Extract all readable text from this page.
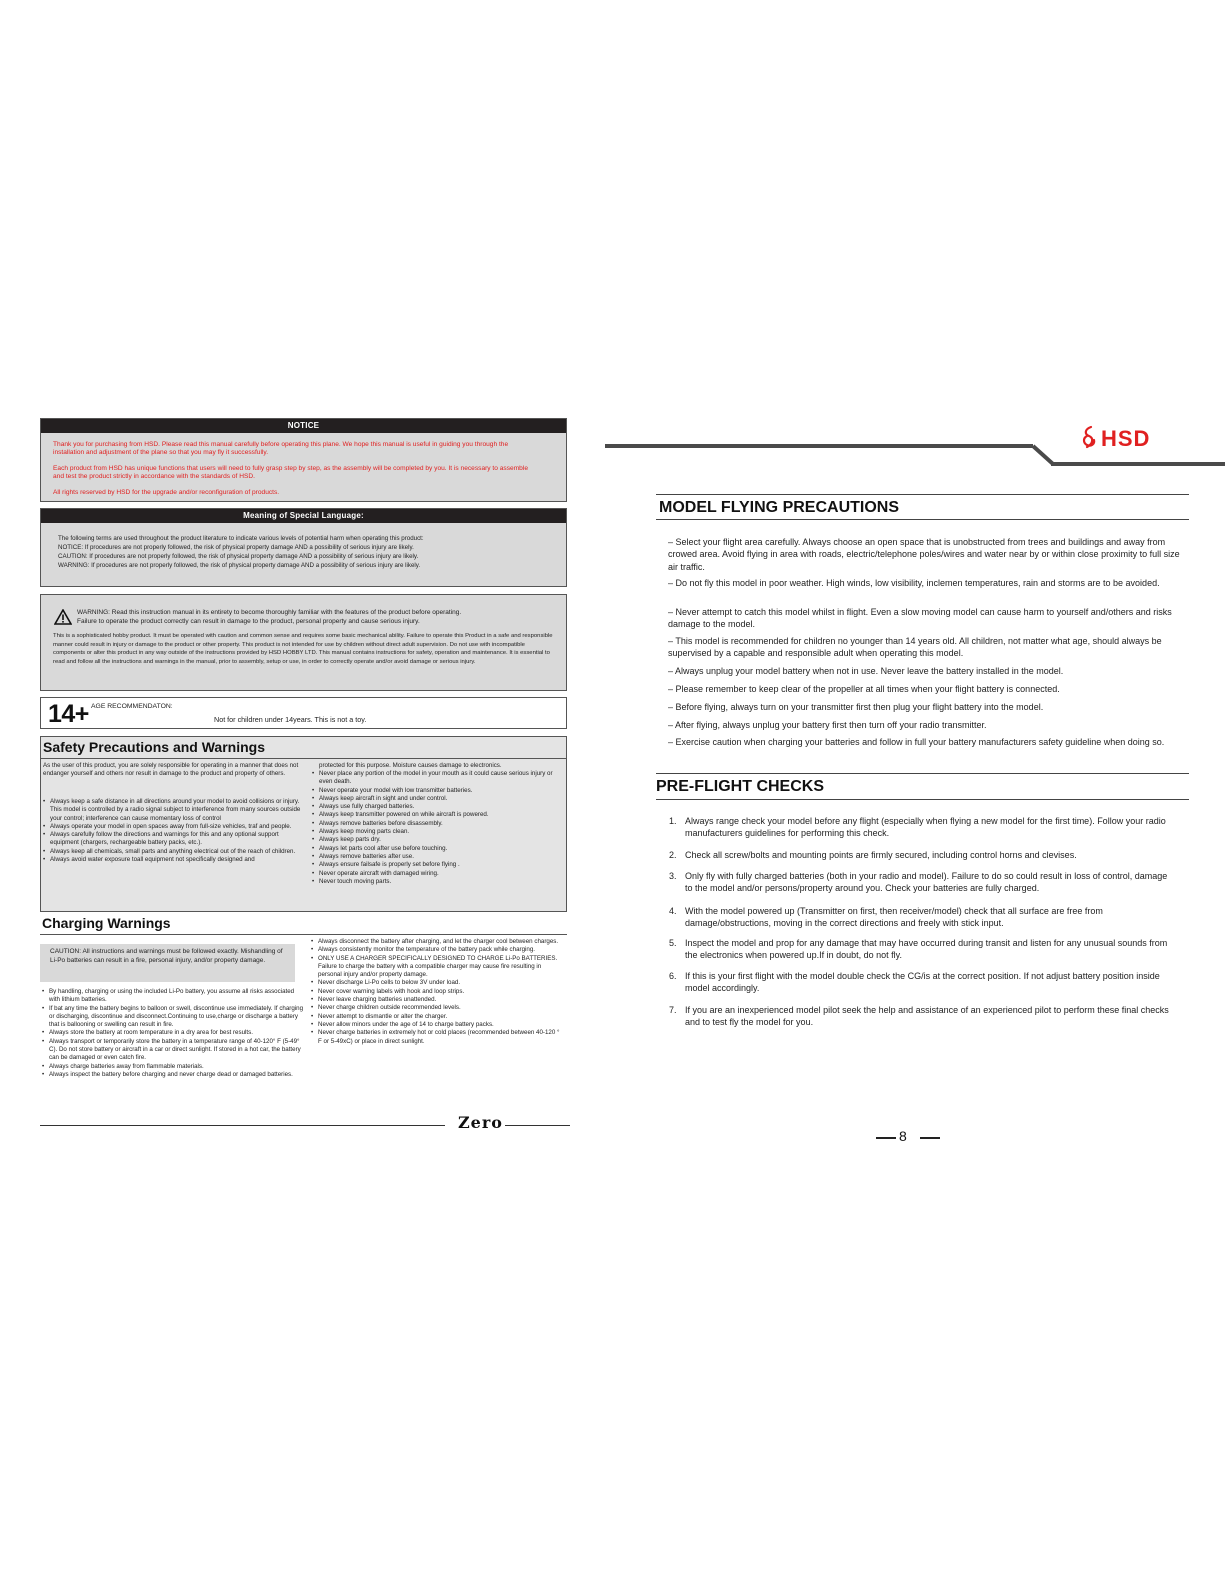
NOTICE
Thank you for purchasing from HSD. Please read this manual carefully before operating this plane. We hope this manual is useful in guiding you through the installation and adjustment of the plane so that you may fly it successfully.
Each product from HSD has unique functions that users will need to fully grasp step by step, as the assembly will be completed by you. It is necessary to assemble and test the product strictly in accordance with the standards of HSD.
All rights reserved by HSD for the upgrade and/or reconfiguration of products.
Meaning of Special Language:
The following terms are used throughout the product literature to indicate various levels of potential harm when operating this product:
NOTICE: If procedures are not properly followed, the risk of physical property damage AND a possibility of serious injury are likely.
CAUTION: If procedures are not properly followed, the risk of physical property damage AND a possibility of serious injury are likely.
WARNING: If procedures are not properly followed, the risk of physical property damage AND a possibility of serious injury are likely.
WARNING: Read this instruction manual in its entirety to become thoroughly familiar with the features of the product before operating.
Failure to operate the product correctly can result in damage to the product, personal property and cause serious injury.
This is a sophisticated hobby product. It must be operated with caution and common sense and requires some basic mechanical ability. Failure to operate this Product in a safe and responsible manner could result in injury or damage to the product or other property. This product is not intended for use by children without direct adult supervision. Do not use with incompatible components or alter this product in any way outside of the instructions provided by HSD HOBBY LTD. This manual contains instructions for safety, operation and maintenance. It is essential to read and follow all the instructions and warnings in the manual, prior to assembly, setup or use, in order to correctly operate and/or avoid damage or serious injury.
14+ AGE RECOMMENDATON:
Not for children under 14years. This is not a toy.
Safety Precautions and Warnings
As the user of this product, you are solely responsible for operating in a manner that does not endanger yourself and others nor result in damage to the product and property of others.
• Always keep a safe distance in all directions around your model to avoid collisions or injury. This model is controlled by a radio signal subject to interference from many sources outside your control; interference can cause momentary loss of control
• Always operate your model in open spaces away from full-size vehicles, traf and people.
• Always carefully follow the directions and warnings for this and any optional support equipment (chargers, rechargeable battery packs, etc.).
• Always keep all chemicals, small parts and anything electrical out of the reach of children.
• Always avoid water exposure toall equipment not specifically designed and
protected for this purpose. Moisture causes damage to electronics.
• Never place any portion of the model in your mouth as it could cause serious injury or even death.
• Never operate your model with low transmitter batteries.
• Always keep aircraft in sight and under control.
• Always use fully charged batteries.
• Always keep transmitter powered on while aircraft is powered.
• Always remove batteries before disassembly.
• Always keep moving parts clean.
• Always keep parts dry.
• Always let parts cool after use before touching.
• Always remove batteries after use.
• Always ensure failsafe is properly set before flying .
• Never operate aircraft with damaged wiring.
• Never touch moving parts.
Charging Warnings
CAUTION: All instructions and warnings must be followed exactly. Mishandling of Li-Po batteries can result in a fire, personal injury, and/or property damage.
• By handling, charging or using the included Li-Po battery, you assume all risks associated with lithium batteries.
• If bat any time the battery begins to balloon or swell, discontinue use immediately. If charging or discharging, discontinue and disconnect.Continuing to use,charge or discharge a battery that is ballooning or swelling can result in fire.
• Always store the battery at room temperature in a dry area for best results.
• Always transport or temporarily store the battery in a temperature range of 40-120° F (5-49° C). Do not store battery or aircraft in a car or direct sunlight. If stored in a hot car, the battery can be damaged or even catch fire.
• Always charge batteries away from flammable materials.
• Always inspect the battery before charging and never charge dead or damaged batteries.
• Always disconnect the battery after charging, and let the charger cool between charges.
• Always consistently monitor the temperature of the battery pack while charging.
• ONLY USE A CHARGER SPECIFICALLY DESIGNED TO CHARGE Li-Po BATTERIES. Failure to charge the battery with a compatible charger may cause fire resulting in personal injury and/or property damage.
• Never discharge Li-Po cells to below 3V under load.
• Never cover warning labels with hook and loop strips.
• Never leave charging batteries unattended.
• Never charge children outside recommended levels.
• Never attempt to dismantle or alter the charger.
• Never allow minors under the age of 14 to charge battery packs.
• Never charge batteries in extremely hot or cold places (recommended between 40-120 ° F or 5-49xC) or place in direct sunlight.
Zero
HSD
MODEL FLYING PRECAUTIONS
– Select your flight area carefully. Always choose an open space that is unobstructed from trees and buildings and away from crowed area. Avoid flying in area with roads, electric/telephone poles/wires and water near by or within close proximity to full size air traffic.
– Do not fly this model in poor weather. High winds, low visibility, inclemen temperatures, rain and storms are to be avoided.
– Never attempt to catch this model whilst in flight. Even a slow moving model can cause harm to yourself and/others and risks damage to the model.
– This model is recommended for children no younger than 14 years old. All children, not matter what age, should always be supervised by a capable and responsible adult when operating this model.
– Always unplug your model battery when not in use. Never leave the battery installed in the model.
– Please remember to keep clear of the propeller at all times when your flight battery is connected.
– Before flying, always turn on your transmitter first then plug your flight battery into the model.
– After flying, always unplug your battery first then turn off your radio transmitter.
– Exercise caution when charging your batteries and follow in full your battery manufacturers safety guideline when doing so.
PRE-FLIGHT CHECKS
1. Always range check your model before any flight (especially when flying a new model for the first time). Follow your radio manufacturers guidelines for performing this check.
2. Check all screw/bolts and mounting points are firmly secured, including control horns and clevises.
3. Only fly with fully charged batteries (both in your radio and model). Failure to do so could result in loss of control, damage to the model and/or persons/property around you. Check your batteries are fully charged.
4. With the model powered up (Transmitter on first, then receiver/model) check that all surface are free from damage/obstructions, moving in the correct directions and freely with stick input.
5. Inspect the model and prop for any damage that may have occurred during transit and listen for any unusual sounds from the electronics when powered up.If in doubt, do not fly.
6. If this is your first flight with the model double check the CG/is at the correct position. If not adjust battery position inside model accordingly.
7. If you are an inexperienced model pilot seek the help and assistance of an experienced pilot to perform these final checks and to test fly the model for you.
8
